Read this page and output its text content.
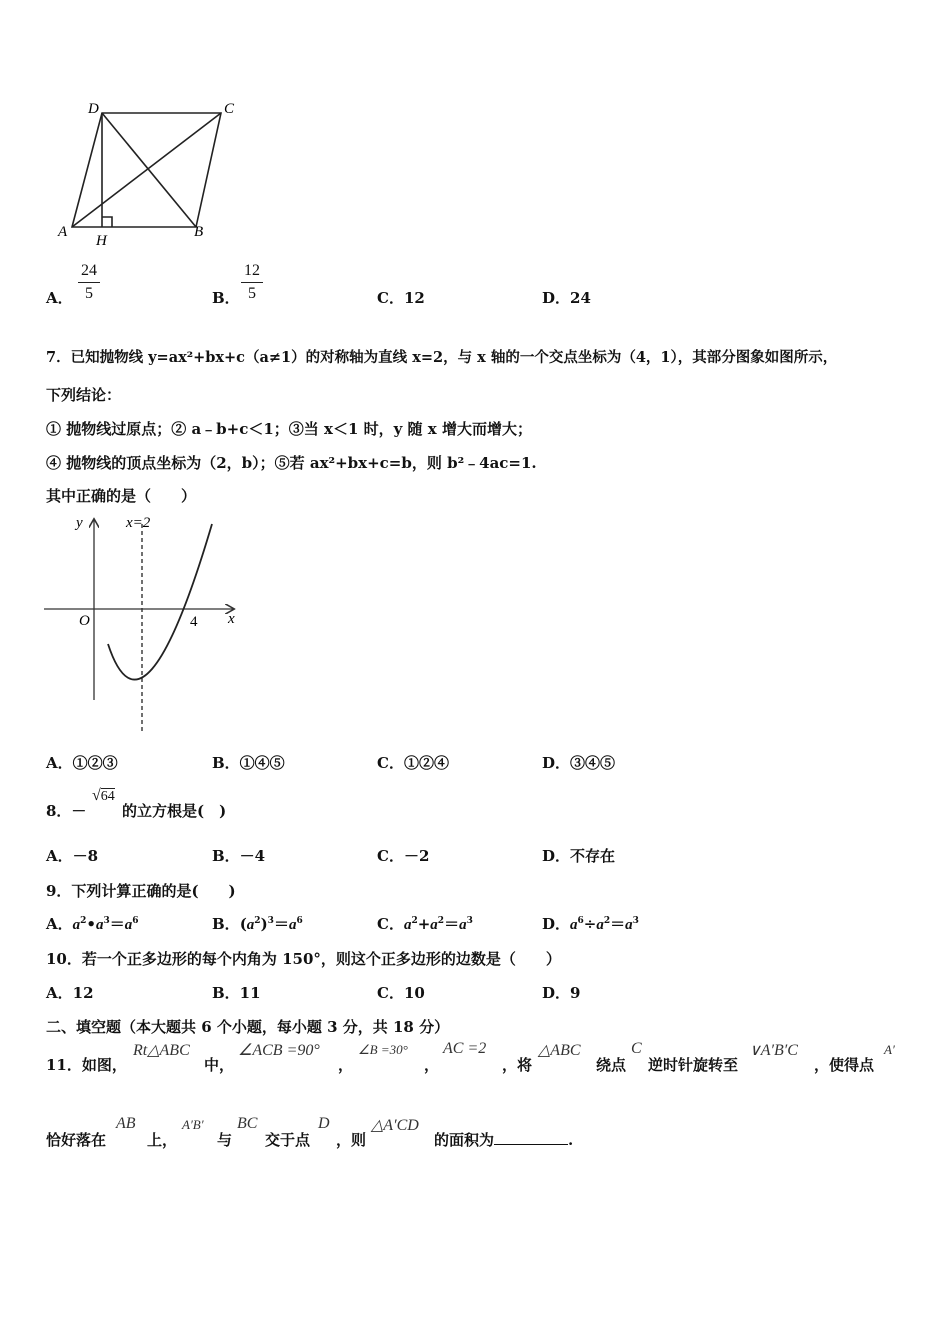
D	C
A
H
B
A．
24
5	B．
12
5	C．12	D．24
7．已知抛物线 y=ax²+bx+c（a≠1）的对称轴为直线 x=2，与 x 轴的一个交点坐标为（4，1），其部分图象如图所示，
下列结论：
① 抛物线过原点；② a﹣b+c＜1；③当 x＜1 时，y 随 x 增大而增大；
④ 抛物线的顶点坐标为（2，b）；⑤若 ax²+bx+c=b，则 b²﹣4ac=1.
其中正确的是（　　）
y	x=2
O	4 x
A．①②③	B．①④⑤	C．①②④	D．③④⑤
8．－
√64
的立方根是(　)
A．－8	B．－4	C．－2	D．不存在
9．下列计算正确的是(　　)
A．$a^2•a^3=a^6$	B．$(a^2)^3=a^6$	C．$a^2+a^2=a^3$	D．$a^6\div a^2=a^3$
10．若一个正多边形的每个内角为 150°，则这个正多边形的边数是（　　）
A．12	B．11	C．10	D．9
二、填空题（本大题共 6 个小题，每小题 3 分，共 18 分）
11．如图，
Rt△ABC
中，
∠ACB =90°
，
∠B =30°
，
AC =2
，将
△ABC
绕点
C
逆时针旋转至
∨A′B′C
，使得点
A′
恰好落在
AB
上，
A′B′
与
BC
交于点
D
，则
△A′CD
的面积为	.
